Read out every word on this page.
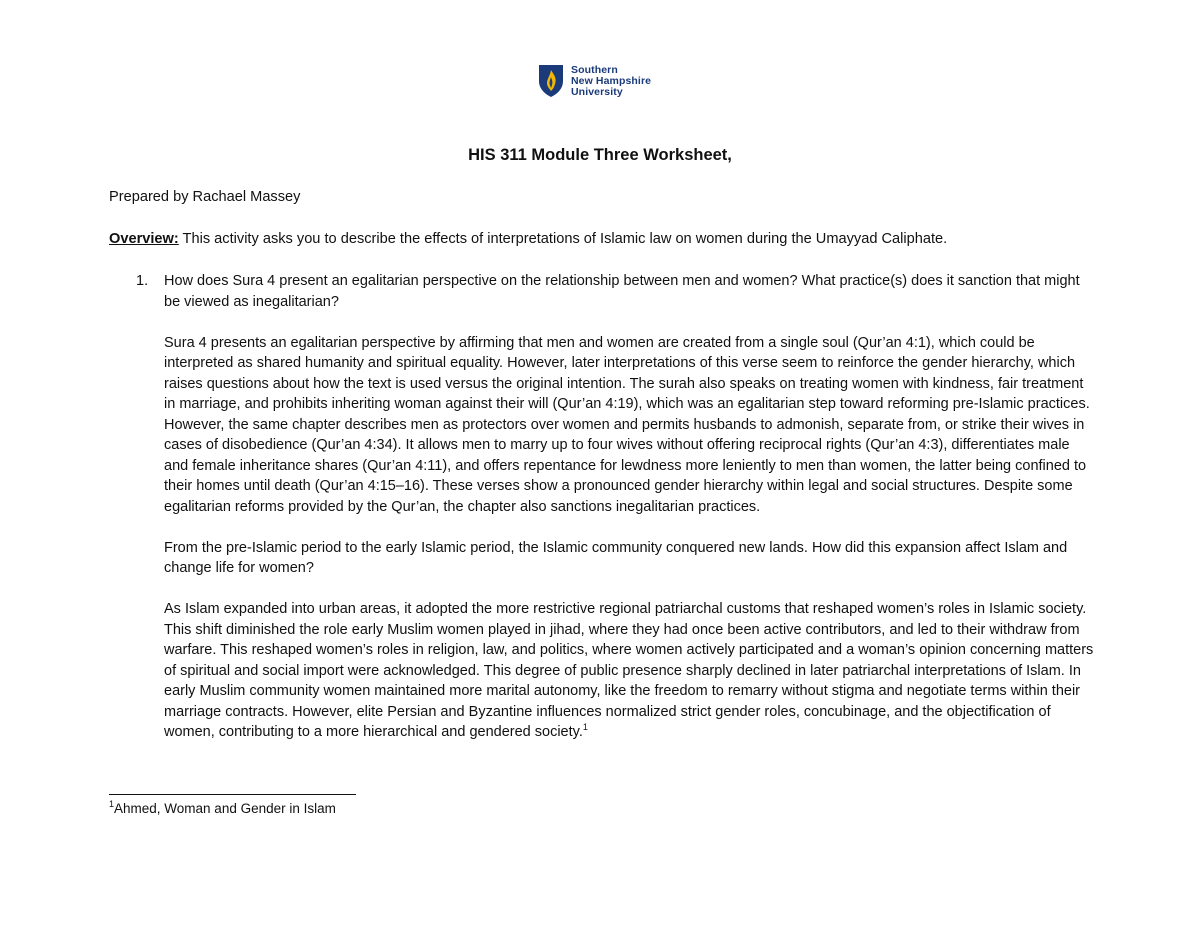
Southern
New Hampshire
University
HIS 311 Module Three Worksheet,
Prepared by Rachael Massey
Overview: This activity asks you to describe the effects of interpretations of Islamic law on women during the Umayyad Caliphate.
1. How does Sura 4 present an egalitarian perspective on the relationship between men and women? What practice(s) does it sanction that might be viewed as inegalitarian?
Sura 4 presents an egalitarian perspective by affirming that men and women are created from a single soul (Qur’an 4:1), which could be interpreted as shared humanity and spiritual equality. However, later interpretations of this verse seem to reinforce the gender hierarchy, which raises questions about how the text is used versus the original intention. The surah also speaks on treating women with kindness, fair treatment in marriage, and prohibits inheriting woman against their will (Qur’an 4:19), which was an egalitarian step toward reforming pre-Islamic practices. However, the same chapter describes men as protectors over women and permits husbands to admonish, separate from, or strike their wives in cases of disobedience (Qur’an 4:34). It allows men to marry up to four wives without offering reciprocal rights (Qur’an 4:3), differentiates male and female inheritance shares (Qur’an 4:11), and offers repentance for lewdness more leniently to men than women, the latter being confined to their homes until death (Qur’an 4:15–16). These verses show a pronounced gender hierarchy within legal and social structures. Despite some egalitarian reforms provided by the Qur’an, the chapter also sanctions inegalitarian practices.
From the pre-Islamic period to the early Islamic period, the Islamic community conquered new lands. How did this expansion affect Islam and change life for women?
As Islam expanded into urban areas, it adopted the more restrictive regional patriarchal customs that reshaped women’s roles in Islamic society. This shift diminished the role early Muslim women played in jihad, where they had once been active contributors, and led to their withdraw from warfare. This reshaped women’s roles in religion, law, and politics, where women actively participated and a woman’s opinion concerning matters of spiritual and social import were acknowledged. This degree of public presence sharply declined in later patriarchal interpretations of Islam. In early Muslim community women maintained more marital autonomy, like the freedom to remarry without stigma and negotiate terms within their marriage contracts. However, elite Persian and Byzantine influences normalized strict gender roles, concubinage, and the objectification of women, contributing to a more hierarchical and gendered society.$^1$
$^1$Ahmed, Woman and Gender in Islam
